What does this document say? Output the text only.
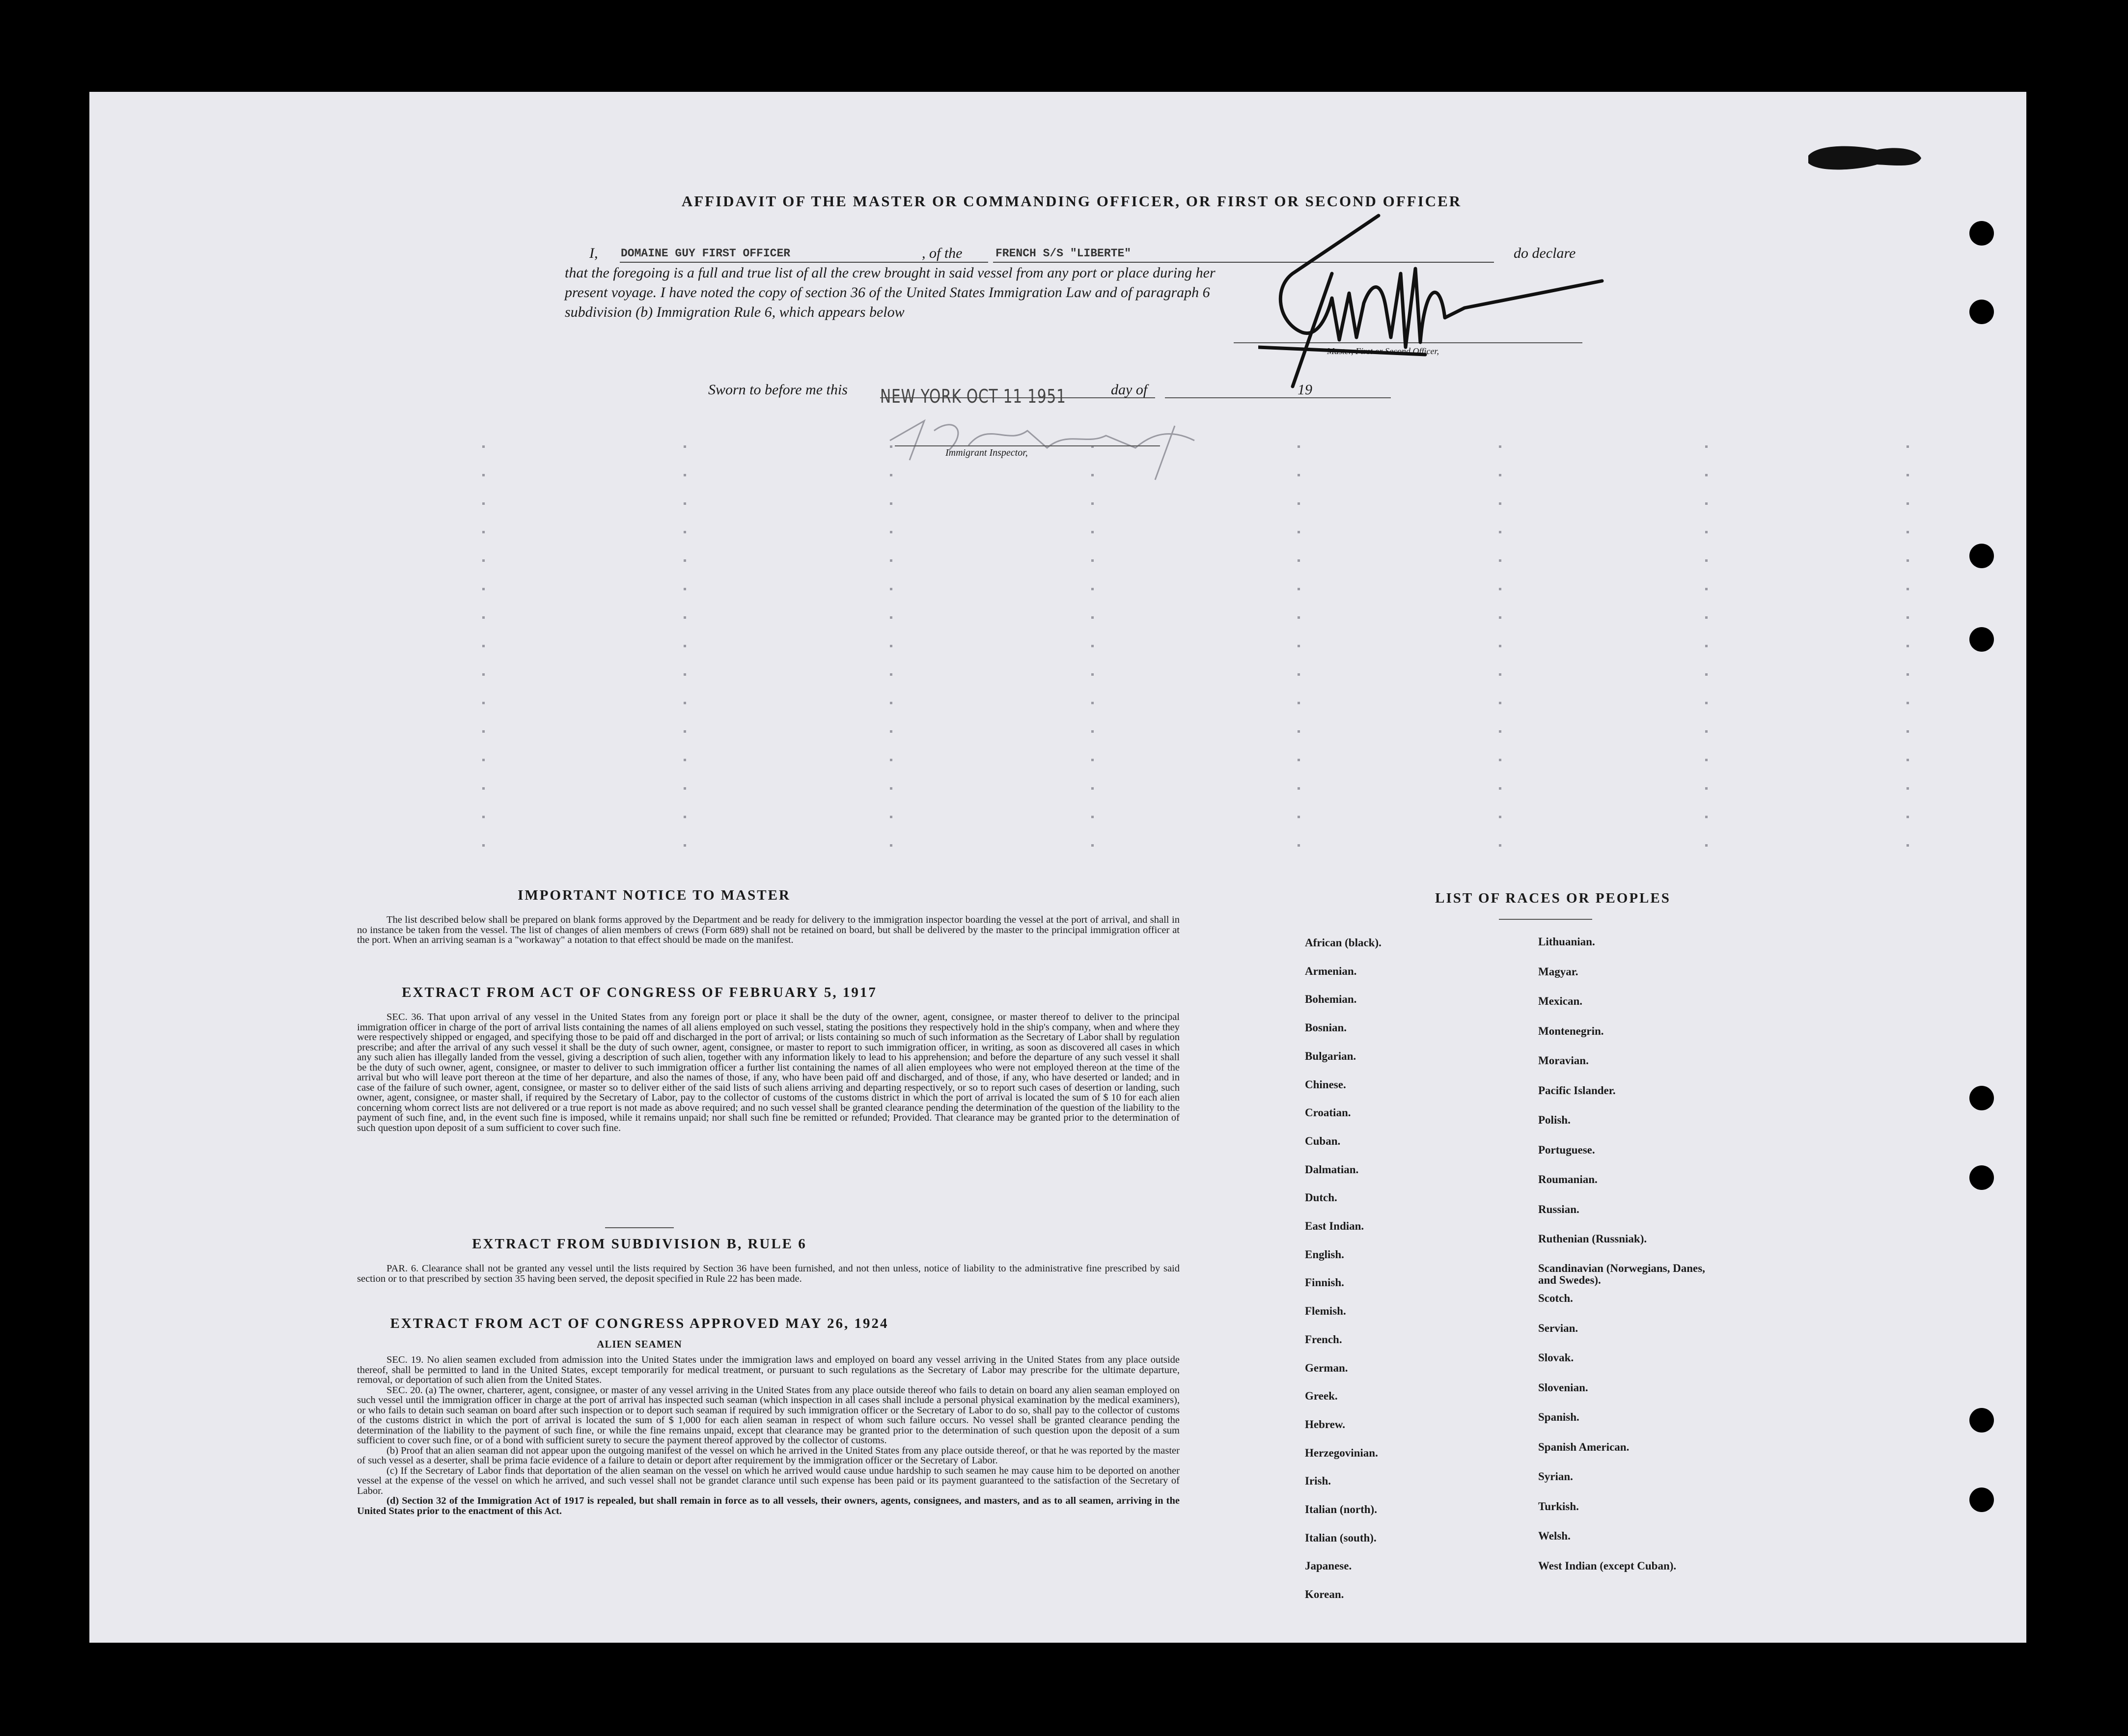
AFFIDAVIT OF THE MASTER OR COMMANDING OFFICER, OR FIRST OR SECOND OFFICER
I, DOMAINE GUY FIRST OFFICER	, of the	FRENCH S/S "LIBERTE"	do declare
that the foregoing is a full and true list of all the crew brought in said vessel from any port or place during her
present voyage. I have noted the copy of section 36 of the United States Immigration Law and of paragraph 6
subdivision (b) Immigration Rule 6, which appears below
Master, First or Second Officer,
Sworn to before me this NEW YORK OCT 11 1951	day of	19
Immigrant Inspector,
IMPORTANT NOTICE TO MASTER
The list described below shall be prepared on blank forms approved by the Department and be ready for delivery to the immigration inspector boarding the vessel at the port of arrival, and shall in no instance be taken from the vessel. The list of changes of alien members of crews (Form 689) shall not be retained on board, but shall be delivered by the master to the principal immigration officer at the port. When an arriving seaman is a "workaway" a notation to that effect should be made on the manifest.
EXTRACT FROM ACT OF CONGRESS OF FEBRUARY 5, 1917
SEC. 36. That upon arrival of any vessel in the United States from any foreign port or place it shall be the duty of the owner, agent, consignee, or master thereof to deliver to the principal immigration officer in charge of the port of arrival lists containing the names of all aliens employed on such vessel, stating the positions they respectively hold in the ship's company, when and where they were respectively shipped or engaged, and specifying those to be paid off and discharged in the port of arrival; or lists containing so much of such information as the Secretary of Labor shall by regulation prescribe; and after the arrival of any such vessel it shall be the duty of such owner, agent, consignee, or master to report to such immigration officer, in writing, as soon as discovered all cases in which any such alien has illegally landed from the vessel, giving a description of such alien, together with any information likely to lead to his apprehension; and before the departure of any such vessel it shall be the duty of such owner, agent, consignee, or master to deliver to such immigration officer a further list containing the names of all alien employees who were not employed thereon at the time of the arrival but who will leave port thereon at the time of her departure, and also the names of those, if any, who have been paid off and discharged, and of those, if any, who have deserted or landed; and in case of the failure of such owner, agent, consignee, or master so to deliver either of the said lists of such aliens arriving and departing respectively, or so to report such cases of desertion or landing, such owner, agent, consignee, or master shall, if required by the Secretary of Labor, pay to the collector of customs of the customs district in which the port of arrival is located the sum of $ 10 for each alien concerning whom correct lists are not delivered or a true report is not made as above required; and no such vessel shall be granted clearance pending the determination of the question of the liability to the payment of such fine, and, in the event such fine is imposed, while it remains unpaid; nor shall such fine be remitted or refunded; Provided. That clearance may be granted prior to the determination of such question upon deposit of a sum sufficient to cover such fine.
EXTRACT FROM SUBDIVISION B, RULE 6
PAR. 6. Clearance shall not be granted any vessel until the lists required by Section 36 have been furnished, and not then unless, notice of liability to the administrative fine prescribed by said section or to that prescribed by section 35 having been served, the deposit specified in Rule 22 has been made.
EXTRACT FROM ACT OF CONGRESS APPROVED MAY 26, 1924
ALIEN SEAMEN
SEC. 19. No alien seamen excluded from admission into the United States under the immigration laws and employed on board any vessel arriving in the United States from any place outside thereof, shall be permitted to land in the United States, except temporarily for medical treatment, or pursuant to such regulations as the Secretary of Labor may prescribe for the ultimate departure, removal, or deportation of such alien from the United States.
SEC. 20. (a) The owner, charterer, agent, consignee, or master of any vessel arriving in the United States from any place outside thereof who fails to detain on board any alien seaman employed on such vessel until the immigration officer in charge at the port of arrival has inspected such seaman (which inspection in all cases shall include a personal physical examination by the medical examiners), or who fails to detain such seaman on board after such inspection or to deport such seaman if required by such immigration officer or the Secretary of Labor to do so, shall pay to the collector of customs of the customs district in which the port of arrival is located the sum of $ 1,000 for each alien seaman in respect of whom such failure occurs. No vessel shall be granted clearance pending the determination of the liability to the payment of such fine, or while the fine remains unpaid, except that clearance may be granted prior to the determination of such question upon the deposit of a sum sufficient to cover such fine, or of a bond with sufficient surety to secure the payment thereof approved by the collector of customs.
(b) Proof that an alien seaman did not appear upon the outgoing manifest of the vessel on which he arrived in the United States from any place outside thereof, or that he was reported by the master of such vessel as a deserter, shall be prima facie evidence of a failure to detain or deport after requirement by the immigration officer or the Secretary of Labor.
(c) If the Secretary of Labor finds that deportation of the alien seaman on the vessel on which he arrived would cause undue hardship to such seamen he may cause him to be deported on another vessel at the expense of the vessel on which he arrived, and such vessel shall not be grandet clarance until such expense has been paid or its payment guaranteed to the satisfaction of the Secretary of Labor.
(d) Section 32 of the Immigration Act of 1917 is repealed, but shall remain in force as to all vessels, their owners, agents, consignees, and masters, and as to all seamen, arriving in the United States prior to the enactment of this Act.
LIST OF RACES OR PEOPLES
African (black).
Armenian.
Bohemian.
Bosnian.
Bulgarian.
Chinese.
Croatian.
Cuban.
Dalmatian.
Dutch.
East Indian.
English.
Finnish.
Flemish.
French.
German.
Greek.
Hebrew.
Herzegovinian.
Irish.
Italian (north).
Italian (south).
Japanese.
Korean.
Lithuanian.
Magyar.
Mexican.
Montenegrin.
Moravian.
Pacific Islander.
Polish.
Portuguese.
Roumanian.
Russian.
Ruthenian (Russniak).
Scandinavian (Norwegians, Danes, and Swedes).
Scotch.
Servian.
Slovak.
Slovenian.
Spanish.
Spanish American.
Syrian.
Turkish.
Welsh.
West Indian (except Cuban).
